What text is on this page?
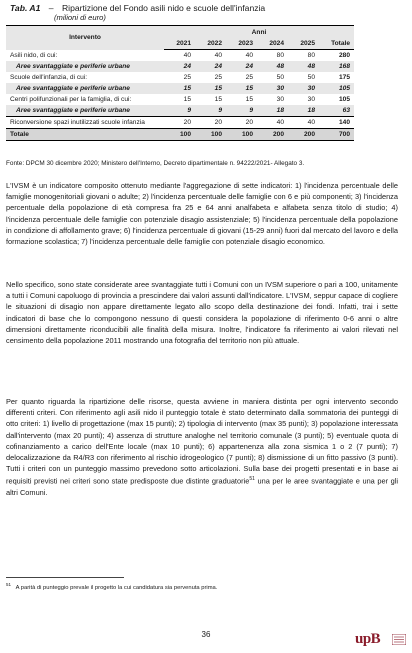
Tab. A1 – Ripartizione del Fondo asili nido e scuole dell'infanzia
(milioni di euro)
Intervento	Anni					
	2021	2022	2023	2024	2025	Totale
Asili nido, di cui:	40	40	40	80	80	280
Aree svantaggiate e periferie urbane	24	24	24	48	48	168
Scuole dell'infanzia, di cui:	25	25	25	50	50	175
Aree svantaggiate e periferie urbane	15	15	15	30	30	105
Centri polifunzionali per la famiglia, di cui:	15	15	15	30	30	105
Aree svantaggiate e periferie urbane	9	9	9	18	18	63
Riconversione spazi inutilizzati scuole infanzia	20	20	20	40	40	140
Totale	100	100	100	200	200	700
Fonte: DPCM 30 dicembre 2020; Ministero dell'Interno, Decreto dipartimentale n. 94222/2021- Allegato 3.

L'IVSM è un indicatore composito ottenuto mediante l'aggregazione di sette indicatori: 1) l'incidenza percentuale delle famiglie monogenitoriali giovani o adulte; 2) l'incidenza percentuale delle famiglie con 6 e più componenti; 3) l'incidenza percentuale della popolazione di età compresa fra 25 e 64 anni analfabeta e alfabeta senza titolo di studio; 4) l'incidenza percentuale delle famiglie con potenziale disagio assistenziale; 5) l'incidenza percentuale della popolazione in condizione di affollamento grave; 6) l'incidenza percentuale di giovani (15-29 anni) fuori dal mercato del lavoro e della formazione scolastica; 7) l'incidenza percentuale delle famiglie con potenziale disagio economico.

Nello specifico, sono state considerate aree svantaggiate tutti i Comuni con un IVSM superiore o pari a 100, unitamente a tutti i Comuni capoluogo di provincia a prescindere dai valori assunti dall'indicatore. L'IVSM, seppur capace di cogliere le situazioni di disagio non appare direttamente legato allo scopo della destinazione dei fondi. Infatti, trai i sette indicatori di base che lo compongono nessuno di questi considera la popolazione di riferimento 0-6 anni o altre dimensioni direttamente riconducibili alle finalità della misura. Inoltre, l'indicatore fa riferimento ai valori rilevati nel censimento della popolazione 2011 mostrando una fotografia del territorio non più attuale.

Per quanto riguarda la ripartizione delle risorse, questa avviene in maniera distinta per ogni intervento secondo differenti criteri. Con riferimento agli asili nido il punteggio totale è stato determinato dalla sommatoria dei punteggi di otto criteri: 1) livello di progettazione (max 15 punti); 2) tipologia di intervento (max 35 punti); 3) popolazione interessata dall'intervento (max 20 punti); 4) assenza di strutture analoghe nel territorio comunale (3 punti); 5) eventuale quota di cofinanziamento a carico dell'Ente locale (max 10 punti); 6) appartenenza alla zona sismica 1 o 2 (7 punti); 7) delocalizzazione da R4/R3 con riferimento al rischio idrogeologico (7 punti); 8) dismissione di un fitto passivo (3 punti). Tutti i criteri con un punteggio massimo prevedono sotto articolazioni. Sulla base dei progetti presentati e in base ai requisiti previsti nei criteri sono state predisposte due distinte graduatorie$^{51}$ una per le aree svantaggiate e una per gli altri Comuni.

$^{51}$ A parità di punteggio prevale il progetto la cui candidatura sia pervenuta prima.
36	upB
